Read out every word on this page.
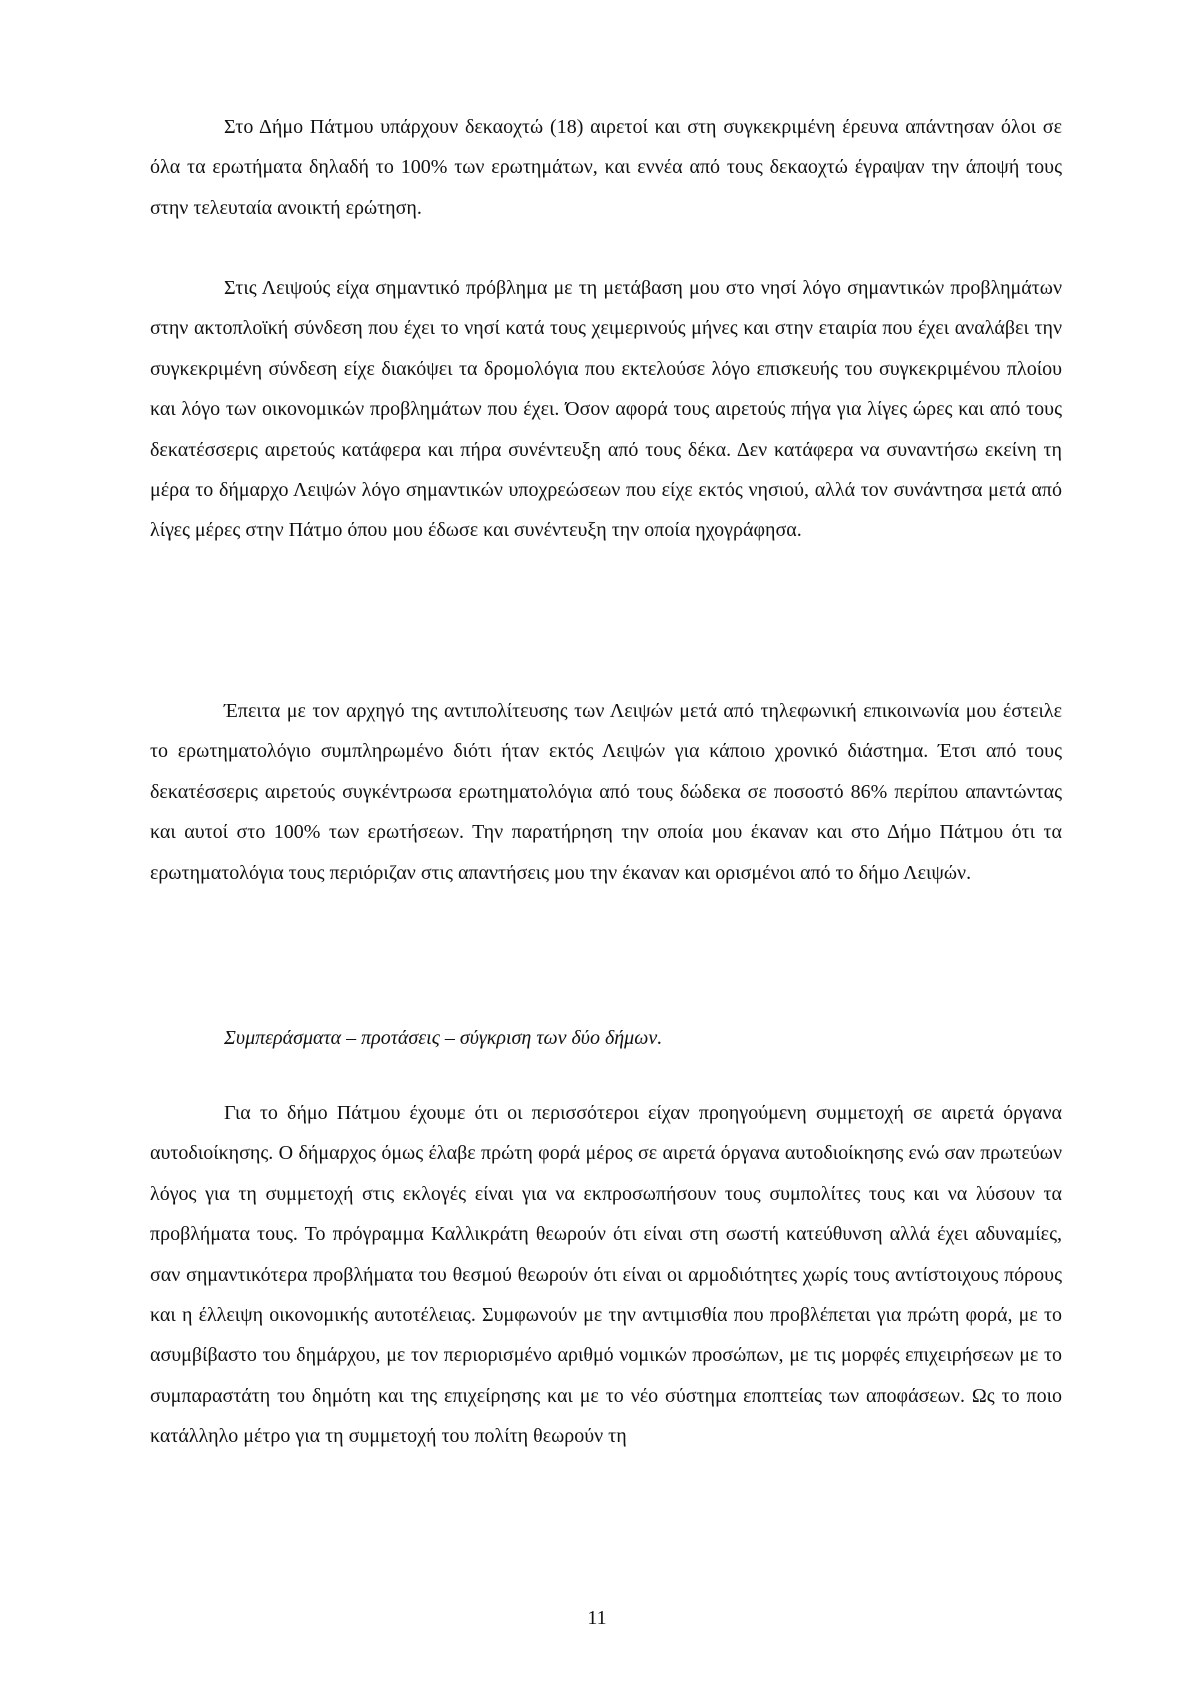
Στο Δήμο Πάτμου υπάρχουν δεκαοχτώ (18) αιρετοί και στη συγκεκριμένη έρευνα απάντησαν όλοι σε όλα τα ερωτήματα δηλαδή το 100% των ερωτημάτων, και εννέα από τους δεκαοχτώ έγραψαν την άποψή τους στην τελευταία ανοικτή ερώτηση.

Στις Λειψούς είχα σημαντικό πρόβλημα με τη μετάβαση μου στο νησί λόγο σημαντικών προβλημάτων στην ακτοπλοϊκή σύνδεση που έχει το νησί κατά τους χειμερινούς μήνες και στην εταιρία που έχει αναλάβει την συγκεκριμένη σύνδεση είχε διακόψει τα δρομολόγια που εκτελούσε λόγο επισκευής του συγκεκριμένου πλοίου και λόγο των οικονομικών προβλημάτων που έχει. Όσον αφορά τους αιρετούς πήγα για λίγες ώρες και από τους δεκατέσσερις αιρετούς κατάφερα και πήρα συνέντευξη από τους δέκα. Δεν κατάφερα να συναντήσω εκείνη τη μέρα το δήμαρχο Λειψών λόγο σημαντικών υποχρεώσεων που είχε εκτός νησιού, αλλά τον συνάντησα μετά από λίγες μέρες στην Πάτμο όπου μου έδωσε και συνέντευξη την οποία ηχογράφησα.

Έπειτα με τον αρχηγό της αντιπολίτευσης των Λειψών μετά από τηλεφωνική επικοινωνία μου έστειλε το ερωτηματολόγιο συμπληρωμένο διότι ήταν εκτός Λειψών για κάποιο χρονικό διάστημα. Έτσι από τους δεκατέσσερις αιρετούς συγκέντρωσα ερωτηματολόγια από τους δώδεκα σε ποσοστό 86% περίπου απαντώντας και αυτοί στο 100% των ερωτήσεων. Την παρατήρηση την οποία μου έκαναν και στο Δήμο Πάτμου ότι τα ερωτηματολόγια τους περιόριζαν στις απαντήσεις μου την έκαναν και ορισμένοι από το δήμο Λειψών.

Συμπεράσματα – προτάσεις – σύγκριση των δύο δήμων.

Για το δήμο Πάτμου έχουμε ότι οι περισσότεροι είχαν προηγούμενη συμμετοχή σε αιρετά όργανα αυτοδιοίκησης. Ο δήμαρχος όμως έλαβε πρώτη φορά μέρος σε αιρετά όργανα αυτοδιοίκησης ενώ σαν πρωτεύων λόγος για τη συμμετοχή στις εκλογές είναι για να εκπροσωπήσουν τους συμπολίτες τους και να λύσουν τα προβλήματα τους. Το πρόγραμμα Καλλικράτη θεωρούν ότι είναι στη σωστή κατεύθυνση αλλά έχει αδυναμίες, σαν σημαντικότερα προβλήματα του θεσμού θεωρούν ότι είναι οι αρμοδιότητες χωρίς τους αντίστοιχους πόρους και η έλλειψη οικονομικής αυτοτέλειας. Συμφωνούν με την αντιμισθία που προβλέπεται για πρώτη φορά, με το ασυμβίβαστο του δημάρχου, με τον περιορισμένο αριθμό νομικών προσώπων, με τις μορφές επιχειρήσεων με το συμπαραστάτη του δημότη και της επιχείρησης και με το νέο σύστημα εποπτείας των αποφάσεων. Ως το ποιο κατάλληλο μέτρο για τη συμμετοχή του πολίτη θεωρούν τη

11
